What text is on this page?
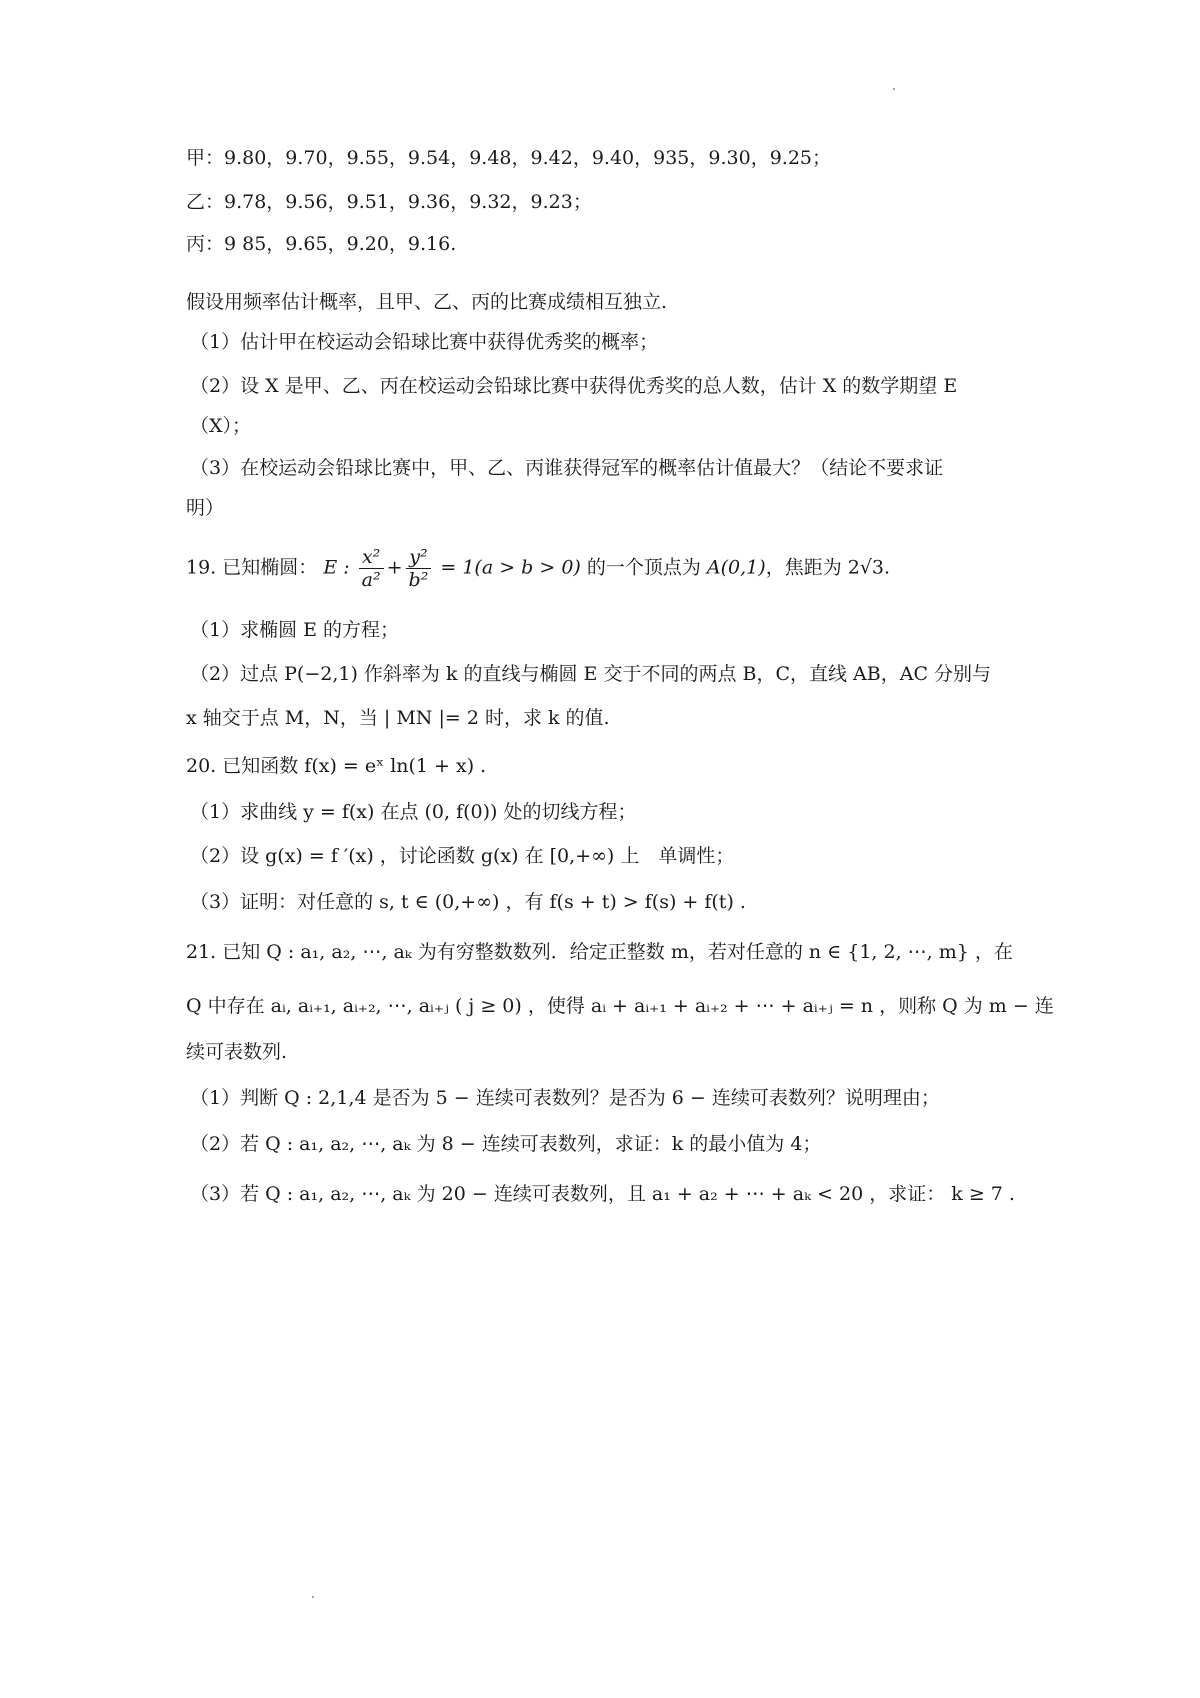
甲：9.80，9.70，9.55，9.54，9.48，9.42，9.40，935，9.30，9.25；
乙：9.78，9.56，9.51，9.36，9.32，9.23；
丙：9 85，9.65，9.20，9.16.
假设用频率估计概率，且甲、乙、丙的比赛成绩相互独立.
（1）估计甲在校运动会铅球比赛中获得优秀奖的概率；
（2）设 X 是甲、乙、丙在校运动会铅球比赛中获得优秀奖的总人数，估计 X 的数学期望 E
（X）；
（3）在校运动会铅球比赛中，甲、乙、丙谁获得冠军的概率估计值最大？（结论不要求证
明）
19. 已知椭圆： E : $\frac{\text{x²}}{\text{a²}} + \frac{\text{y²}}{\text{b²}} = 1(a > b > 0)$ 的一个顶点为 A(0,1)，焦距为 2√3.
（1）求椭圆 E 的方程；
（2）过点 P(−2,1) 作斜率为 k 的直线与椭圆 E 交于不同的两点 B，C，直线 AB，AC 分别与
x 轴交于点 M，N，当 | MN |= 2 时，求 k 的值.
20. 已知函数 f(x) = eˣ ln(1 + x) .
（1）求曲线 y = f(x) 在点 (0, f(0)) 处的切线方程；
（2）设 g(x) = f ′(x) ，讨论函数 g(x) 在 [0,+∞) 上　单调性；
（3）证明：对任意的 s, t ∈ (0,+∞) ，有 f(s + t) > f(s) + f(t) .
21. 已知 Q : a₁, a₂, ⋯, aₖ 为有穷整数数列．给定正整数 m，若对任意的 n ∈ {1, 2, ⋯, m} ，在
Q 中存在 aᵢ, aᵢ₊₁, aᵢ₊₂, ⋯, aᵢ₊ⱼ ( j ≥ 0) ，使得 aᵢ + aᵢ₊₁ + aᵢ₊₂ + ⋯ + aᵢ₊ⱼ = n ，则称 Q 为 m − 连
续可表数列.
（1）判断 Q : 2,1,4 是否为 5 − 连续可表数列？是否为 6 − 连续可表数列？说明理由；
（2）若 Q : a₁, a₂, ⋯, aₖ 为 8 − 连续可表数列，求证：k 的最小值为 4；
（3）若 Q : a₁, a₂, ⋯, aₖ 为 20 − 连续可表数列，且 a₁ + a₂ + ⋯ + aₖ < 20 ，求证： k ≥ 7 .
